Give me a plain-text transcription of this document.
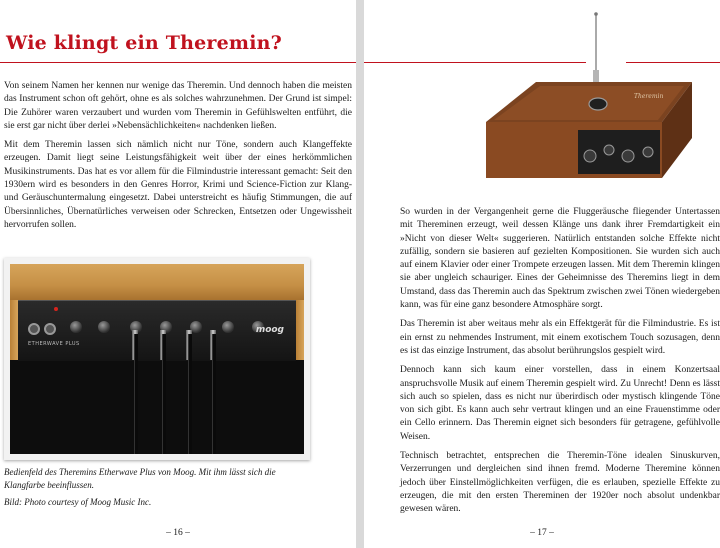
Wie klingt ein Theremin?

Von seinem Namen her kennen nur wenige das Theremin. Und dennoch haben die meisten das Instrument schon oft gehört, ohne es als solches wahrzunehmen. Der Grund ist simpel: Die Zuhörer waren verzaubert und wurden vom Theremin in Gefühlswelten entführt, die sie erst gar nicht über derlei »Nebensächlichkeiten« nachdenken ließen.

Mit dem Theremin lassen sich nämlich nicht nur Töne, sondern auch Klangeffekte erzeugen. Damit liegt seine Leistungsfähigkeit weit über der eines herkömmlichen Musikinstruments. Das hat es vor allem für die Filmindustrie interessant gemacht: Seit den 1930ern wird es besonders in den Genres Horror, Krimi und Science-Fiction zur Klang- und Geräuschuntermalung eingesetzt. Dabei unterstreicht es häufig Stimmungen, die auf Übersinnliches, Übernatürliches verweisen oder Schrecken, Entsetzen oder Ungewissheit hervorrufen sollen.

ETHERWAVE PLUS
moog

Bedienfeld des Theremins Etherwave Plus von Moog. Mit ihm lässt sich die Klangfarbe beeinflussen.

Bild: Photo courtesy of Moog Music Inc.

– 16 –
Theremin

So wurden in der Vergangenheit gerne die Fluggeräusche fliegender Untertassen mit Thereminen erzeugt, weil dessen Klänge uns dank ihrer Fremdartigkeit ein »Nicht von dieser Welt« suggerieren. Natürlich entstanden solche Effekte nicht zufällig, sondern sie basieren auf gezielten Kompositionen. Sie wurden sich auch auf einem Klavier oder einer Trompete erzeugen lassen. Mit dem Theremin klingen sie aber ungleich schauriger. Eines der Geheimnisse des Theremins liegt in dem Umstand, dass das Theremin auch das Spektrum zwischen zwei Tönen wiedergeben kann, was für eine ganz besondere Atmosphäre sorgt.

Das Theremin ist aber weitaus mehr als ein Effektgerät für die Filmindustrie. Es ist ein ernst zu nehmendes Instrument, mit einem exotischem Touch sozusagen, denn es ist das einzige Instrument, das absolut berührungslos gespielt wird.

Dennoch kann sich kaum einer vorstellen, dass in einem Konzertsaal anspruchsvolle Musik auf einem Theremin gespielt wird. Zu Unrecht! Denn es lässt sich auch so spielen, dass es nicht nur überirdisch oder mystisch klingende Töne von sich gibt. Es kann auch sehr vertraut klingen und an eine Frauenstimme oder ein Cello erinnern. Das Theremin eignet sich besonders für getragene, gefühlvolle Weisen.

Technisch betrachtet, entsprechen die Theremin-Töne idealen Sinuskurven, Verzerrungen und dergleichen sind ihnen fremd. Moderne Theremine können jedoch über Einstellmöglichkeiten verfügen, die es erlauben, spezielle Effekte zu erzeugen, die mit den ersten Thereminen der 1920er noch absolut undenkbar gewesen wären.

– 17 –
